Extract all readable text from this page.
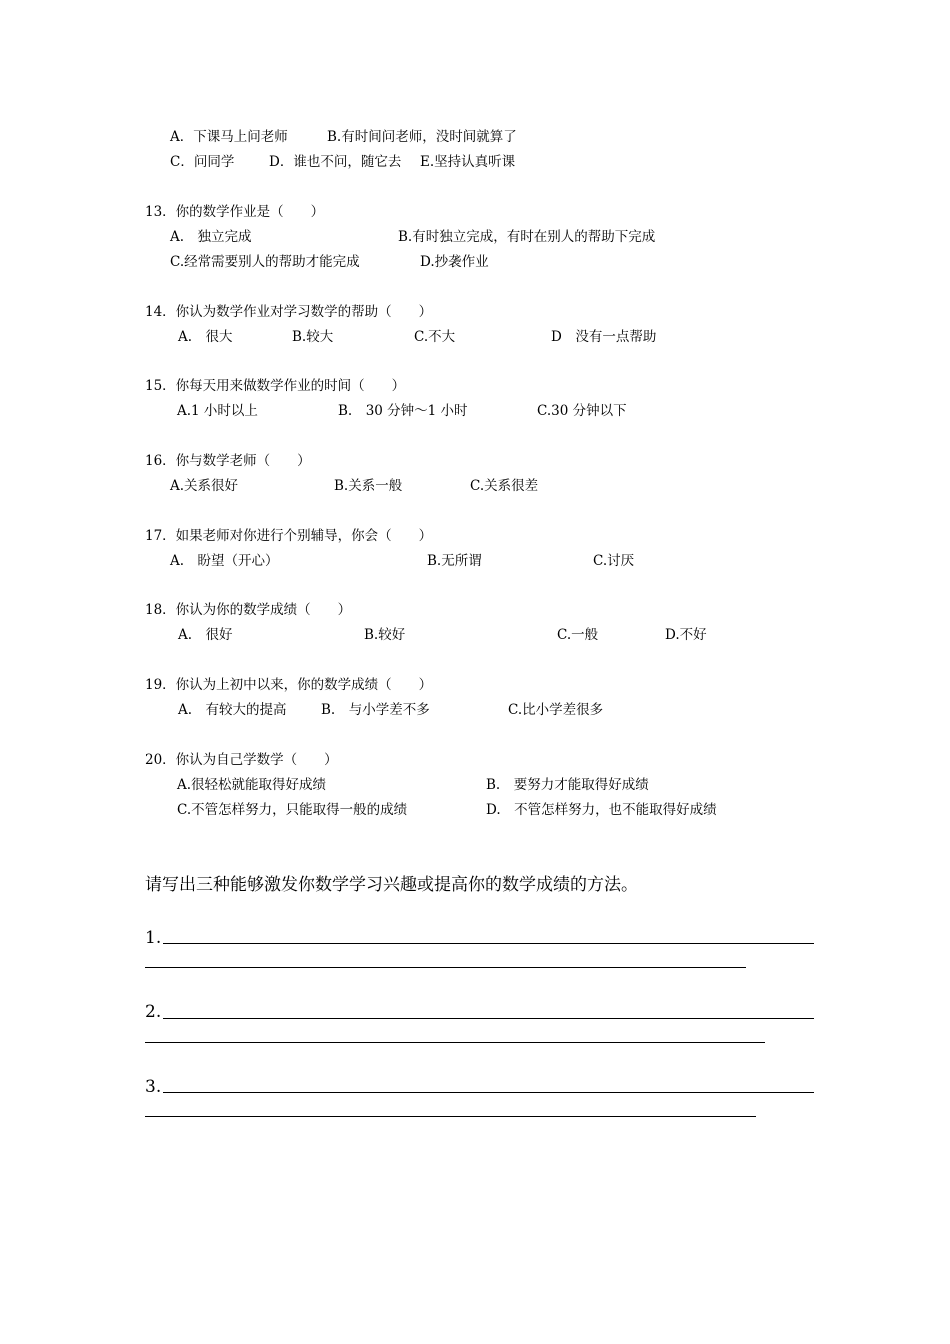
A．下课马上问老师	B.有时间问老师，没时间就算了
C．问同学	D．谁也不问，随它去 E.坚持认真听课
13．你的数学作业是（　　）
A.　独立完成	B.有时独立完成，有时在别人的帮助下完成
C.经常需要别人的帮助才能完成	D.抄袭作业
14．你认为数学作业对学习数学的帮助（　　）
A.　很大	B.较大	C.不大	D　没有一点帮助
15．你每天用来做数学作业的时间（　　）
A.1 小时以上	B.　30 分钟～1 小时	C.30 分钟以下
16．你与数学老师（　　）
A.关系很好	B.关系一般	C.关系很差
17．如果老师对你进行个别辅导，你会（　　）
A.　盼望（开心）	B.无所谓	C.讨厌
18．你认为你的数学成绩（　　）
A.　很好	B.较好	C.一般	D.不好
19．你认为上初中以来，你的数学成绩（　　）
A.　有较大的提高	B.　与小学差不多	C.比小学差很多
20．你认为自己学数学（　　）
A.很轻松就能取得好成绩	B.　要努力才能取得好成绩
C.不管怎样努力，只能取得一般的成绩	D.　不管怎样努力，也不能取得好成绩
请写出三种能够激发你数学学习兴趣或提高你的数学成绩的方法。
1.
2.
3.
